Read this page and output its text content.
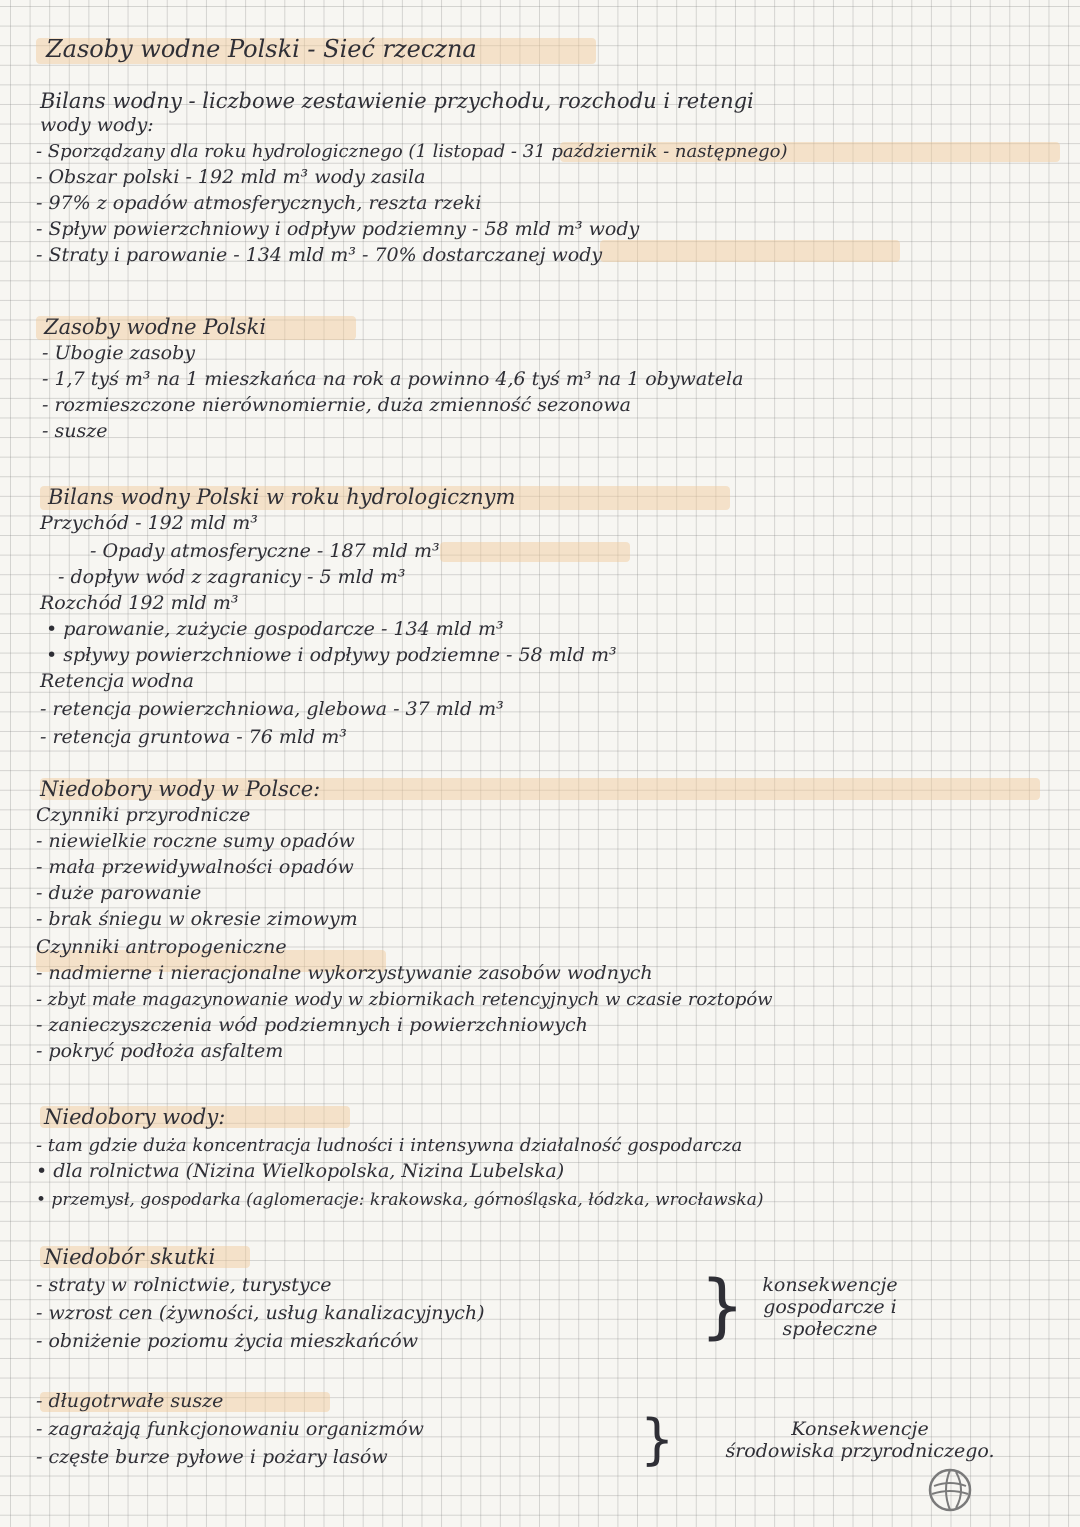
Zasoby wodne Polski - Sieć rzeczna
Bilans wodny - liczbowe zestawienie przychodu, rozchodu i retengi
wody wody:
- Sporządzany dla roku hydrologicznego (1 listopad - 31 październik - następnego)
- Obszar polski - 192 mld m³ wody zasila
- 97% z opadów atmosferycznych, reszta rzeki
- Spływ powierzchniowy i odpływ podziemny - 58 mld m³ wody
- Straty i parowanie - 134 mld m³ - 70% dostarczanej wody
Zasoby wodne Polski
- Ubogie zasoby
- 1,7 tyś m³ na 1 mieszkańca na rok a powinno 4,6 tyś m³ na 1 obywatela
- rozmieszczone nierównomiernie, duża zmienność sezonowa
- susze
Bilans wodny Polski w roku hydrologicznym
Przychód - 192 mld m³
- Opady atmosferyczne - 187 mld m³
- dopływ wód z zagranicy - 5 mld m³
Rozchód 192 mld m³
• parowanie, zużycie gospodarcze - 134 mld m³
• spływy powierzchniowe i odpływy podziemne - 58 mld m³
Retencja wodna
- retencja powierzchniowa, glebowa - 37 mld m³
- retencja gruntowa - 76 mld m³
Niedobory wody w Polsce:
Czynniki przyrodnicze
- niewielkie roczne sumy opadów
- mała przewidywalności opadów
- duże parowanie
- brak śniegu w okresie zimowym
Czynniki antropogeniczne
- nadmierne i nieracjonalne wykorzystywanie zasobów wodnych
- zbyt małe magazynowanie wody w zbiornikach retencyjnych w czasie roztopów
- zanieczyszczenia wód podziemnych i powierzchniowych
- pokryć podłoża asfaltem
Niedobory wody:
- tam gdzie duża koncentracja ludności i intensywna działalność gospodarcza
• dla rolnictwa (Nizina Wielkopolska, Nizina Lubelska)
• przemysł, gospodarka (aglomeracje: krakowska, górnośląska, łódzka, wrocławska)
Niedobór skutki
- straty w rolnictwie, turystyce
- wzrost cen (żywności, usług kanalizacyjnych)
- obniżenie poziomu życia mieszkańców	} konsekwencje
gospodarcze i
społeczne
- długotrwałe susze
- zagrażają funkcjonowaniu organizmów
- częste burze pyłowe i pożary lasów	}	Konsekwencje
środowiska przyrodniczego.
